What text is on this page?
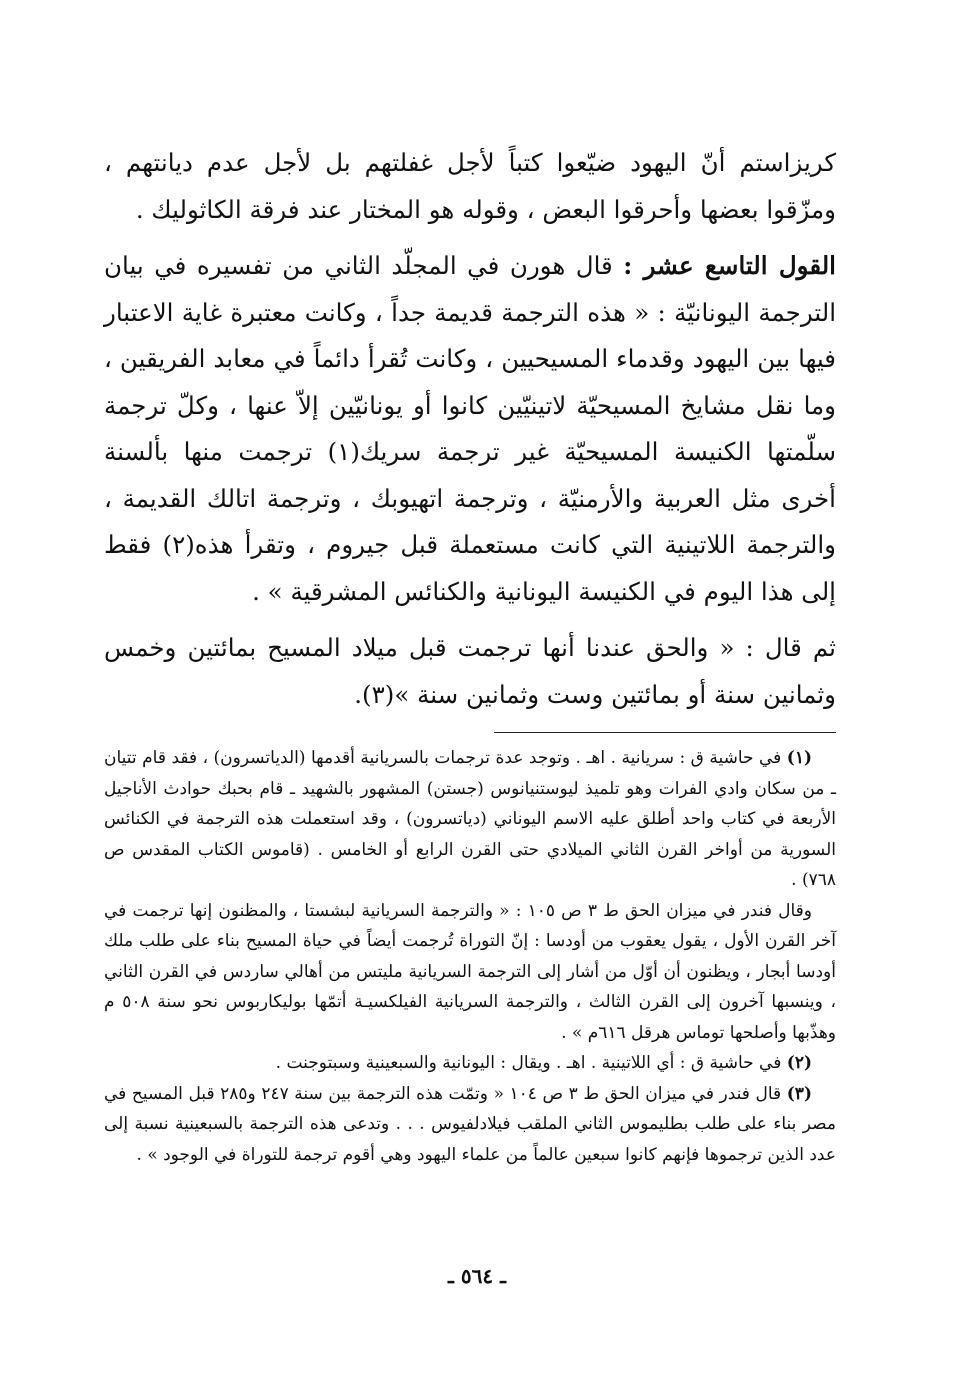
كريزاستم أنّ اليهود ضيّعوا كتباً لأجل غفلتهم بل لأجل عدم ديانتهم ، ومزّقوا بعضها وأحرقوا البعض ، وقوله هو المختار عند فرقة الكاثوليك .

القول التاسع عشر : قال هورن في المجلّد الثاني من تفسيره في بيان الترجمة اليونانيّة : « هذه الترجمة قديمة جداً ، وكانت معتبرة غاية الاعتبار فيها بين اليهود وقدماء المسيحيين ، وكانت تُقرأ دائماً في معابد الفريقين ، وما نقل مشايخ المسيحيّة لاتينيّين كانوا أو يونانيّين إلاّ عنها ، وكلّ ترجمة سلّمتها الكنيسة المسيحيّة غير ترجمة سريك(١) ترجمت منها بألسنة أخرى مثل العربية والأرمنيّة ، وترجمة اتهيوبك ، وترجمة اتالك القديمة ، والترجمة اللاتينية التي كانت مستعملة قبل جيروم ، وتقرأ هذه(٢) فقط إلى هذا اليوم في الكنيسة اليونانية والكنائس المشرقية » .

ثم قال : « والحق عندنا أنها ترجمت قبل ميلاد المسيح بمائتين وخمس وثمانين سنة أو بمائتين وست وثمانين سنة »(٣).

(١) في حاشية ق : سريانية . اهـ . وتوجد عدة ترجمات بالسريانية أقدمها (الدياتسرون) ، فقد قام تتيان ـ من سكان وادي الفرات وهو تلميذ ليوستنيانوس (جستن) المشهور بالشهيد ـ قام بحبك حوادث الأناجيل الأربعة في كتاب واحد أطلق عليه الاسم اليوناني (دياتسرون) ، وقد استعملت هذه الترجمة في الكنائس السورية من أواخر القرن الثاني الميلادي حتى القرن الرابع أو الخامس . (قاموس الكتاب المقدس ص ٧٦٨) .

وقال فندر في ميزان الحق ط ٣ ص ١٠٥ : « والترجمة السريانية لبشستا ، والمظنون إنها ترجمت في آخر القرن الأول ، يقول يعقوب من أودسا : إنّ التوراة تُرجمت أيضاً في حياة المسيح بناء على طلب ملك أودسا أبجار ، ويظنون أن أوّل من أشار إلى الترجمة السريانية مليتس من أهالي ساردس في القرن الثاني ، وينسبها آخرون إلى القرن الثالث ، والترجمة السريانية الفيلكسيـة أتمّها بوليكاربوس نحو سنة ٥٠٨ م وهذّبها وأصلحها توماس هرقل ٦١٦م » .

(٢) في حاشية ق : أي اللاتينية . اهـ . ويقال : اليونانية والسبعينية وسبتوجنت .

(٣) قال فندر في ميزان الحق ط ٣ ص ١٠٤ « وتمّت هذه الترجمة بين سنة ٢٤٧ و٢٨٥ قبل المسيح في مصر بناء على طلب بطليموس الثاني الملقب فيلادلفيوس . . . وتدعى هذه الترجمة بالسبعينية نسبة إلى عدد الذين ترجموها فإنهم كانوا سبعين عالماً من علماء اليهود وهي أقوم ترجمة للتوراة في الوجود » .

ـ ٥٦٤ ـ
